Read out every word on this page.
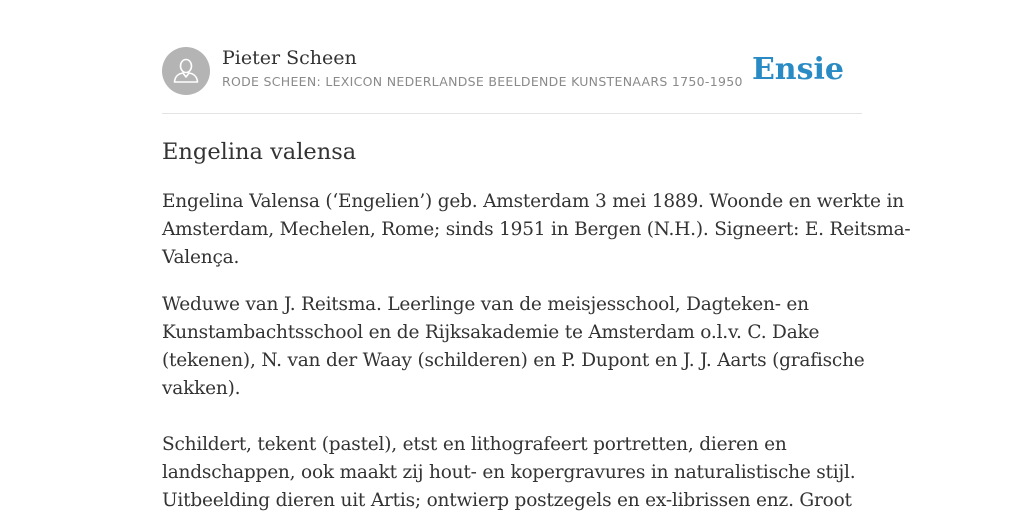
Pieter Scheen
RODE SCHEEN: LEXICON NEDERLANDSE BEELDENDE KUNSTENAARS 1750-1950 Ensie
Engelina valensa

Engelina Valensa (‘Engelien’) geb. Amsterdam 3 mei 1889. Woonde en werkte in
Amsterdam, Mechelen, Rome; sinds 1951 in Bergen (N.H.). Signeert: E. Reitsma-
Valença.

Weduwe van J. Reitsma. Leerlinge van de meisjesschool, Dagteken- en
Kunstambachtsschool en de Rijksakademie te Amsterdam o.l.v. C. Dake
(tekenen), N. van der Waay (schilderen) en P. Dupont en J. J. Aarts (grafische
vakken).

Schildert, tekent (pastel), etst en lithografeert portretten, dieren en
landschappen, ook maakt zij hout- en kopergravures in naturalistische stijl.
Uitbeelding dieren uit Artis; ontwierp postzegels en ex-librissen enz. Groot
